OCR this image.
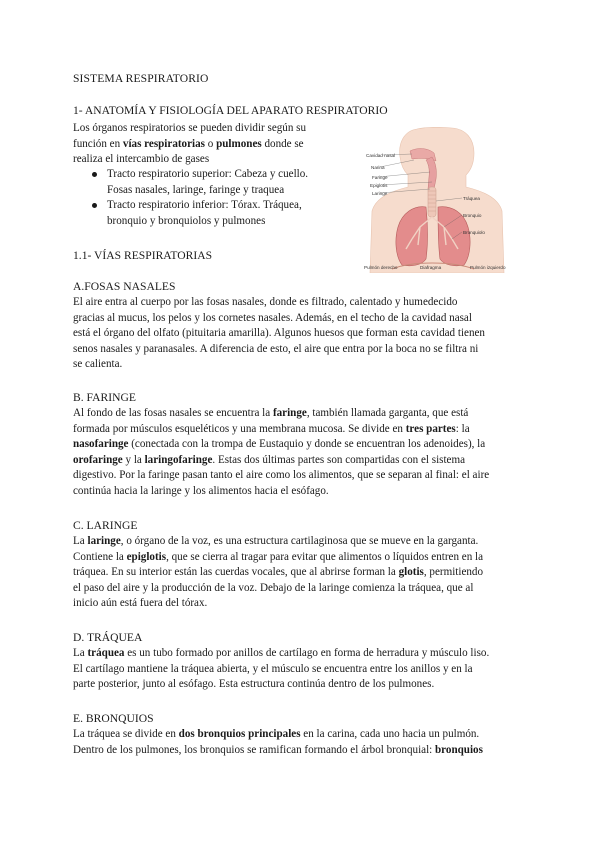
SISTEMA RESPIRATORIO
1- ANATOMÍA Y FISIOLOGÍA DEL APARATO RESPIRATORIO
Los órganos respiratorios se pueden dividir según su
función en vías respiratorias o pulmones donde se
realiza el intercambio de gases
Tracto respiratorio superior: Cabeza y cuello.
Fosas nasales, laringe, faringe y traquea
Tracto respiratorio inferior: Tórax. Tráquea,
bronquio y bronquiolos y pulmones
1.1- VÍAS RESPIRATORIAS
A.FOSAS NASALES
El aire entra al cuerpo por las fosas nasales, donde es filtrado, calentado y humedecido
gracias al mucus, los pelos y los cornetes nasales. Además, en el techo de la cavidad nasal
está el órgano del olfato (pituitaria amarilla). Algunos huesos que forman esta cavidad tienen
senos nasales y paranasales. A diferencia de esto, el aire que entra por la boca no se filtra ni
se calienta.
B. FARINGE
Al fondo de las fosas nasales se encuentra la faringe, también llamada garganta, que está
formada por músculos esqueléticos y una membrana mucosa. Se divide en tres partes: la
nasofaringe (conectada con la trompa de Eustaquio y donde se encuentran los adenoides), la
orofaringe y la laringofaringe. Estas dos últimas partes son compartidas con el sistema
digestivo. Por la faringe pasan tanto el aire como los alimentos, que se separan al final: el aire
continúa hacia la laringe y los alimentos hacia el esófago.
C. LARINGE
La laringe, o órgano de la voz, es una estructura cartilaginosa que se mueve en la garganta.
Contiene la epiglotis, que se cierra al tragar para evitar que alimentos o líquidos entren en la
tráquea. En su interior están las cuerdas vocales, que al abrirse forman la glotis, permitiendo
el paso del aire y la producción de la voz. Debajo de la laringe comienza la tráquea, que al
inicio aún está fuera del tórax.
D. TRÁQUEA
La tráquea es un tubo formado por anillos de cartílago en forma de herradura y músculo liso.
El cartílago mantiene la tráquea abierta, y el músculo se encuentra entre los anillos y en la
parte posterior, junto al esófago. Esta estructura continúa dentro de los pulmones.
E. BRONQUIOS
La tráquea se divide en dos bronquios principales en la carina, cada uno hacia un pulmón.
Dentro de los pulmones, los bronquios se ramifican formando el árbol bronquial: bronquios
Cavidad nasal
Narina
Faringe
Epiglotis
Laringe
Tráquea
Bronquio
Bronquiolo
Pulmón derecho	Diafragma	Pulmón izquierdo
